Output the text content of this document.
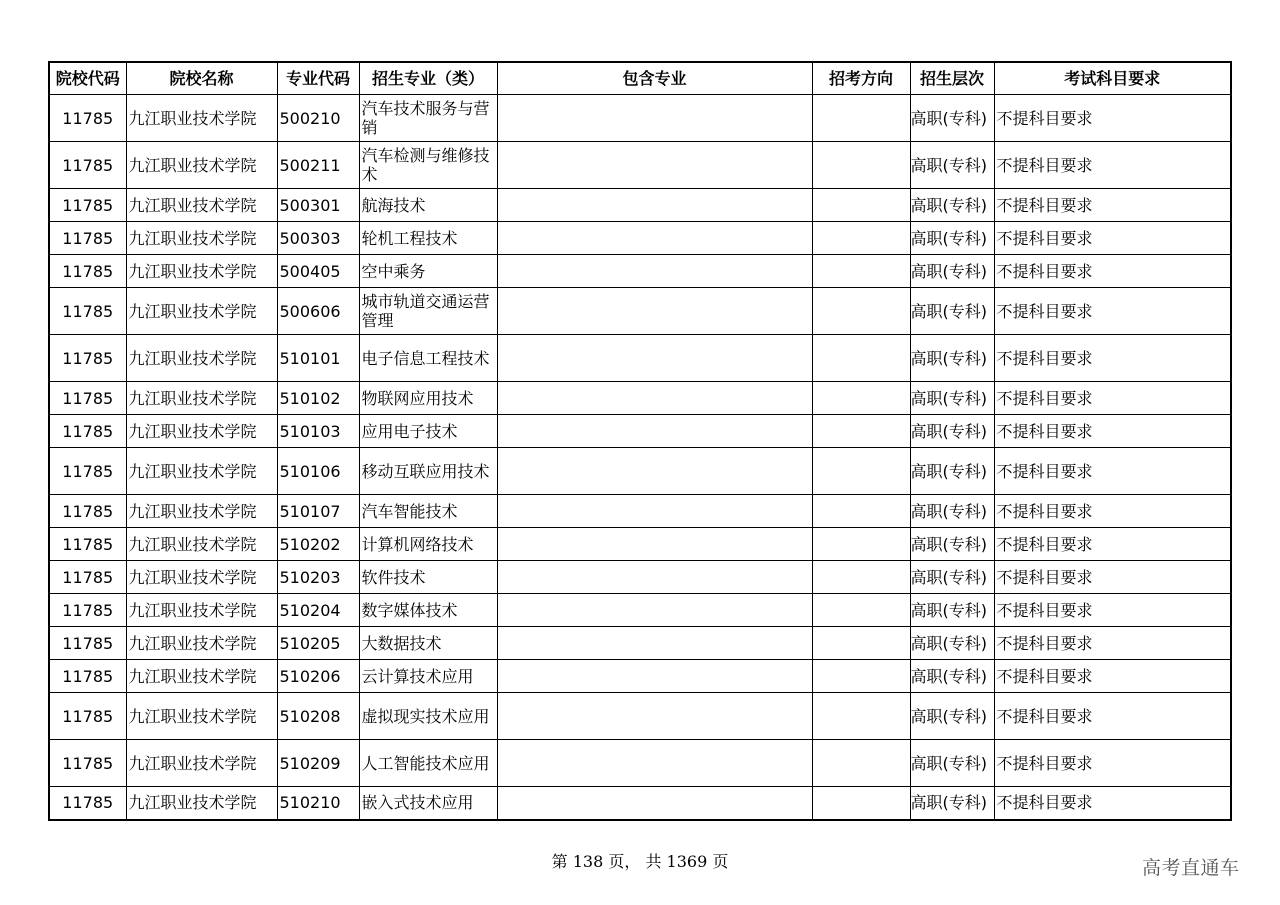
院校代码	院校名称	专业代码	招生专业（类）	包含专业	招考方向	招生层次	考试科目要求
11785	九江职业技术学院	500210	汽车技术服务与营销			高职(专科)	不提科目要求
11785	九江职业技术学院	500211	汽车检测与维修技术			高职(专科)	不提科目要求
11785	九江职业技术学院	500301	航海技术			高职(专科)	不提科目要求
11785	九江职业技术学院	500303	轮机工程技术			高职(专科)	不提科目要求
11785	九江职业技术学院	500405	空中乘务			高职(专科)	不提科目要求
11785	九江职业技术学院	500606	城市轨道交通运营管理			高职(专科)	不提科目要求
11785	九江职业技术学院	510101	电子信息工程技术			高职(专科)	不提科目要求
11785	九江职业技术学院	510102	物联网应用技术			高职(专科)	不提科目要求
11785	九江职业技术学院	510103	应用电子技术			高职(专科)	不提科目要求
11785	九江职业技术学院	510106	移动互联应用技术			高职(专科)	不提科目要求
11785	九江职业技术学院	510107	汽车智能技术			高职(专科)	不提科目要求
11785	九江职业技术学院	510202	计算机网络技术			高职(专科)	不提科目要求
11785	九江职业技术学院	510203	软件技术			高职(专科)	不提科目要求
11785	九江职业技术学院	510204	数字媒体技术			高职(专科)	不提科目要求
11785	九江职业技术学院	510205	大数据技术			高职(专科)	不提科目要求
11785	九江职业技术学院	510206	云计算技术应用			高职(专科)	不提科目要求
11785	九江职业技术学院	510208	虚拟现实技术应用			高职(专科)	不提科目要求
11785	九江职业技术学院	510209	人工智能技术应用			高职(专科)	不提科目要求
11785	九江职业技术学院	510210	嵌入式技术应用			高职(专科)	不提科目要求
第 138 页， 共 1369 页	高考直通车
